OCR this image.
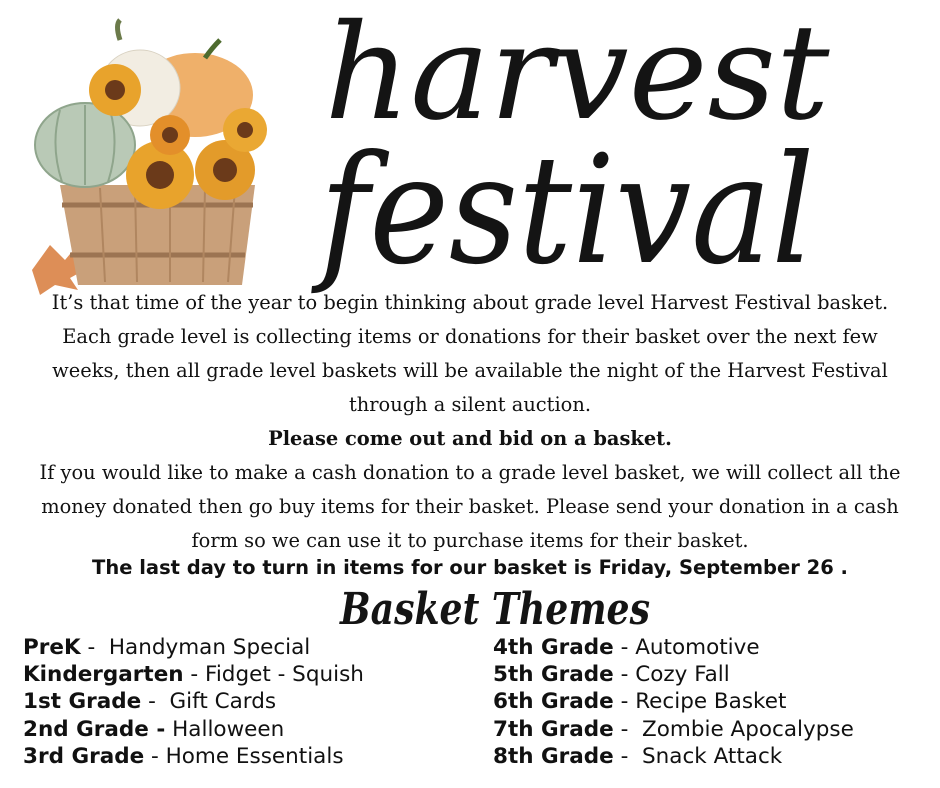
harvest
festival
It’s that time of the year to begin thinking about grade level Harvest Festival basket.
Each grade level is collecting items or donations for their basket over the next few
weeks, then all grade level baskets will be available the night of the Harvest Festival
through a silent auction.
Please come out and bid on a basket.
If you would like to make a cash donation to a grade level basket, we will collect all the
money donated then go buy items for their basket. Please send your donation in a cash
form so we can use it to purchase items for their basket.
The last day to turn in items for our basket is Friday, September 26 .
Basket Themes
PreK -  Handyman Special
Kindergarten - Fidget - Squish
1st Grade -  Gift Cards
2nd Grade - Halloween
3rd Grade - Home Essentials
4th Grade - Automotive
5th Grade - Cozy Fall
6th Grade - Recipe Basket
7th Grade -  Zombie Apocalypse
8th Grade -  Snack Attack
